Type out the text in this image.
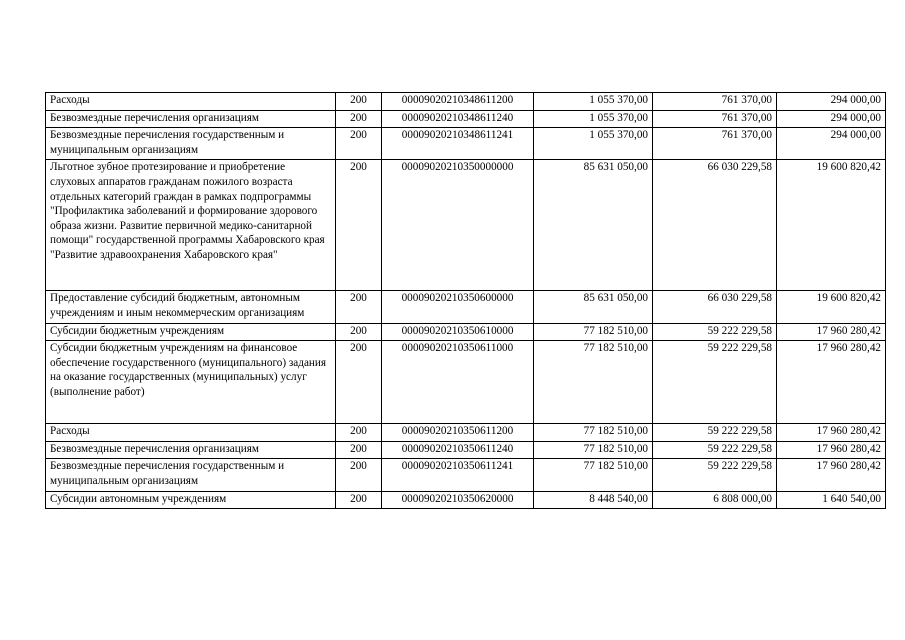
Расходы	200	00009020210348611200	1 055 370,00	761 370,00	294 000,00
Безвозмездные перечисления организациям	200	00009020210348611240	1 055 370,00	761 370,00	294 000,00
Безвозмездные перечисления государственным и муниципальным организациям	200	00009020210348611241	1 055 370,00	761 370,00	294 000,00
Льготное зубное протезирование и приобретение слуховых аппаратов гражданам пожилого возраста отдельных категорий граждан в рамках подпрограммы "Профилактика заболеваний и формирование здорового образа жизни. Развитие первичной медико-санитарной помощи" государственной программы Хабаровского края "Развитие здравоохранения Хабаровского края"	200	00009020210350000000	85 631 050,00	66 030 229,58	19 600 820,42
Предоставление субсидий бюджетным, автономным учреждениям и иным некоммерческим организациям	200	00009020210350600000	85 631 050,00	66 030 229,58	19 600 820,42
Субсидии бюджетным учреждениям	200	00009020210350610000	77 182 510,00	59 222 229,58	17 960 280,42
Субсидии бюджетным учреждениям на финансовое обеспечение государственного (муниципального) задания на оказание государственных (муниципальных) услуг (выполнение работ)	200	00009020210350611000	77 182 510,00	59 222 229,58	17 960 280,42
Расходы	200	00009020210350611200	77 182 510,00	59 222 229,58	17 960 280,42
Безвозмездные перечисления организациям	200	00009020210350611240	77 182 510,00	59 222 229,58	17 960 280,42
Безвозмездные перечисления государственным и муниципальным организациям	200	00009020210350611241	77 182 510,00	59 222 229,58	17 960 280,42
Субсидии автономным учреждениям	200	00009020210350620000	8 448 540,00	6 808 000,00	1 640 540,00
